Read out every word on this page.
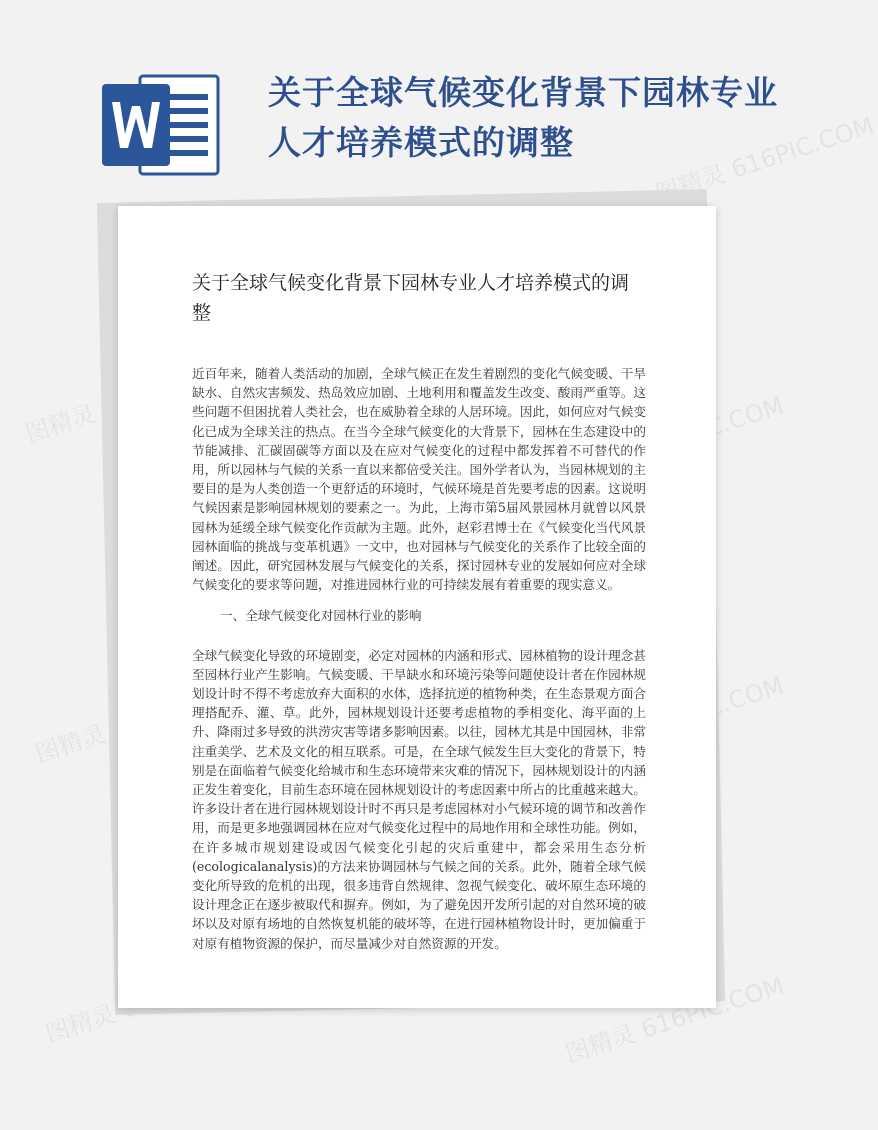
关于全球气候变化背景下园林专业人才培养模式的调整	图精灵 616PIC.COM
图精灵
图精灵
图精灵	图精灵 616PIC.COM
关于全球气候变化背景下园林专业人才培养模式的调整

近百年来，随着人类活动的加剧，全球气候正在发生着剧烈的变化气候变暖、干旱缺水、自然灾害频发、热岛效应加剧、土地利用和覆盖发生改变、酸雨严重等。这些问题不但困扰着人类社会，也在威胁着全球的人居环境。因此，如何应对气候变化已成为全球关注的热点。在当今全球气候变化的大背景下，园林在生态建设中的节能减排、汇碳固碳等方面以及在应对气候变化的过程中都发挥着不可替代的作用，所以园林与气候的关系一直以来都倍受关注。国外学者认为，当园林规划的主要目的是为人类创造一个更舒适的环境时，气候环境是首先要考虑的因素。这说明气候因素是影响园林规划的要素之一。为此，上海市第5届风景园林月就曾以风景园林为延缓全球气候变化作贡献为主题。此外，赵彩君博士在《气候变化当代风景园林面临的挑战与变革机遇》一文中，也对园林与气候变化的关系作了比较全面的阐述。因此，研究园林发展与气候变化的关系，探讨园林专业的发展如何应对全球气候变化的要求等问题，对推进园林行业的可持续发展有着重要的现实意义。

一、全球气候变化对园林行业的影响

全球气候变化导致的环境剧变，必定对园林的内涵和形式、园林植物的设计理念甚至园林行业产生影响。气候变暖、干旱缺水和环境污染等问题使设计者在作园林规划设计时不得不考虑放弃大面积的水体，选择抗逆的植物种类，在生态景观方面合理搭配乔、灌、草。此外，园林规划设计还要考虑植物的季相变化、海平面的上升、降雨过多导致的洪涝灾害等诸多影响因素。以往，园林尤其是中国园林，非常注重美学、艺术及文化的相互联系。可是，在全球气候发生巨大变化的背景下，特别是在面临着气候变化给城市和生态环境带来灾难的情况下，园林规划设计的内涵正发生着变化，目前生态环境在园林规划设计的考虑因素中所占的比重越来越大。许多设计者在进行园林规划设计时不再只是考虑园林对小气候环境的调节和改善作用，而是更多地强调园林在应对气候变化过程中的局地作用和全球性功能。例如，在许多城市规划建设或因气候变化引起的灾后重建中，都会采用生态分析(ecologicalanalysis)的方法来协调园林与气候之间的关系。此外，随着全球气候变化所导致的危机的出现，很多违背自然规律、忽视气候变化、破坏原生态环境的设计理念正在逐步被取代和摒弃。例如，为了避免因开发所引起的对自然环境的破坏以及对原有场地的自然恢复机能的破坏等，在进行园林植物设计时，更加偏重于对原有植物资源的保护，而尽量减少对自然资源的开发。
